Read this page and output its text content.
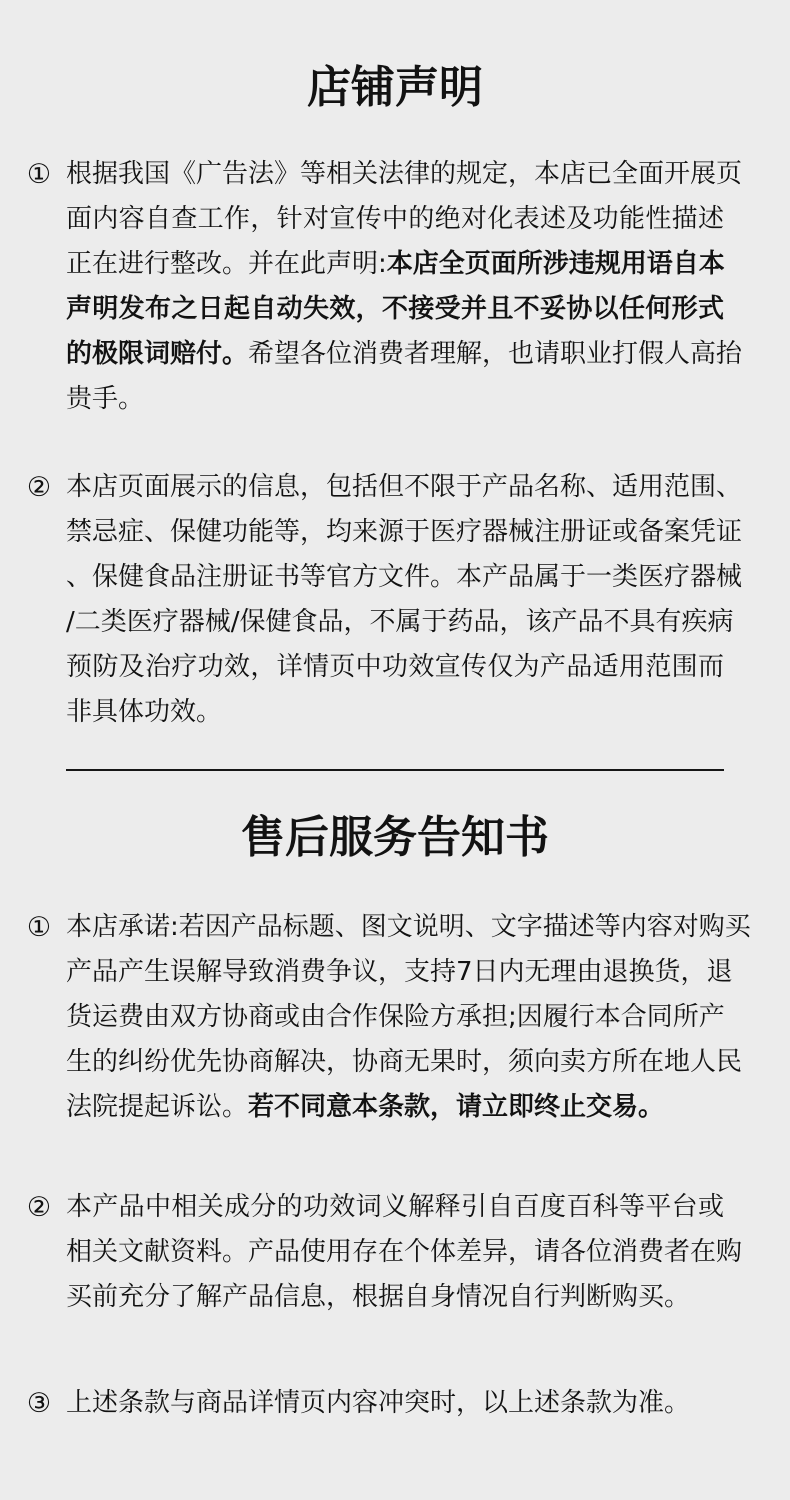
店铺声明
① 根据我国《广告法》等相关法律的规定，本店已全面开展页
面内容自查工作，针对宣传中的绝对化表述及功能性描述
正在进行整改。并在此声明:本店全页面所涉违规用语自本
声明发布之日起自动失效，不接受并且不妥协以任何形式
的极限词赔付。希望各位消费者理解，也请职业打假人高抬
贵手。
② 本店页面展示的信息，包括但不限于产品名称、适用范围、
禁忌症、保健功能等，均来源于医疗器械注册证或备案凭证
、保健食品注册证书等官方文件。本产品属于一类医疗器械
/二类医疗器械/保健食品，不属于药品，该产品不具有疾病
预防及治疗功效，详情页中功效宣传仅为产品适用范围而
非具体功效。
售后服务告知书
① 本店承诺:若因产品标题、图文说明、文字描述等内容对购买
产品产生误解导致消费争议，支持7日内无理由退换货，退
货运费由双方协商或由合作保险方承担;因履行本合同所产
生的纠纷优先协商解决，协商无果时，须向卖方所在地人民
法院提起诉讼。若不同意本条款，请立即终止交易。
② 本产品中相关成分的功效词义解释引自百度百科等平台或
相关文献资料。产品使用存在个体差异，请各位消费者在购
买前充分了解产品信息，根据自身情况自行判断购买。
③ 上述条款与商品详情页内容冲突时，以上述条款为准。
